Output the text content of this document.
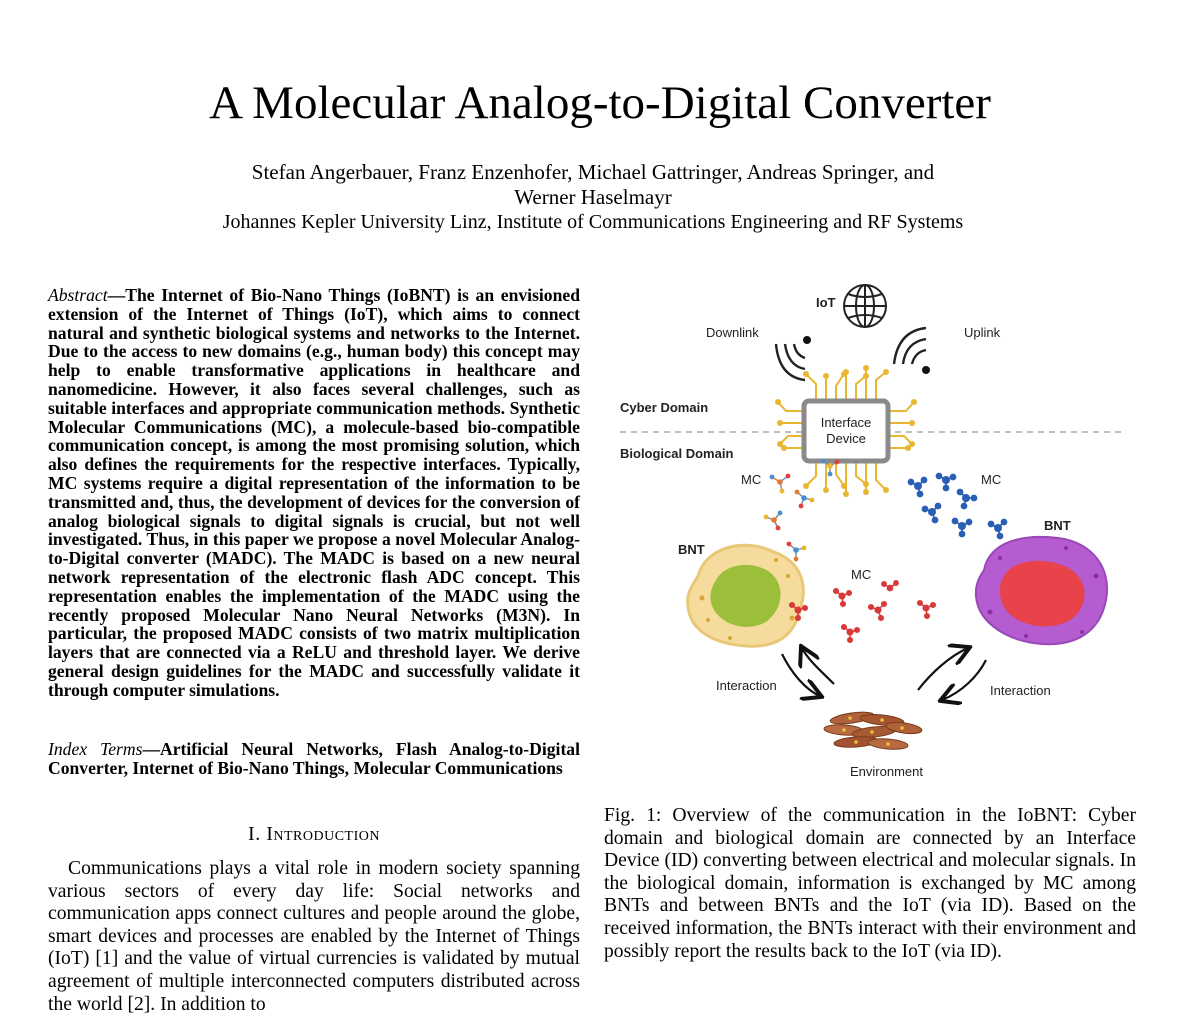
A Molecular Analog-to-Digital Converter
Stefan Angerbauer, Franz Enzenhofer, Michael Gattringer, Andreas Springer, and
Werner Haselmayr
Johannes Kepler University Linz, Institute of Communications Engineering and RF Systems
Abstract—The Internet of Bio-Nano Things (IoBNT) is an envisioned extension of the Internet of Things (IoT), which aims to connect natural and synthetic biological systems and networks to the Internet. Due to the access to new domains (e.g., human body) this concept may help to enable transformative applications in healthcare and nanomedicine. However, it also faces several challenges, such as suitable interfaces and appropriate communication methods. Synthetic Molecular Communications (MC), a molecule-based bio-compatible communication concept, is among the most promising solution, which also defines the requirements for the respective interfaces. Typically, MC systems require a digital representation of the information to be transmitted and, thus, the development of devices for the conversion of analog biological signals to digital signals is crucial, but not well investigated. Thus, in this paper we propose a novel Molecular Analog-to-Digital converter (MADC). The MADC is based on a new neural network representation of the electronic flash ADC concept. This representation enables the implementation of the MADC using the recently proposed Molecular Nano Neural Networks (M3N). In particular, the proposed MADC consists of two matrix multiplication layers that are connected via a ReLU and threshold layer. We derive general design guidelines for the MADC and successfully validate it through computer simulations.
Index Terms—Artificial Neural Networks, Flash Analog-to-Digital Converter, Internet of Bio-Nano Things, Molecular Communications
I. Introduction
Communications plays a vital role in modern society spanning various sectors of every day life: Social networks and communication apps connect cultures and people around the globe, smart devices and processes are enabled by the Internet of Things (IoT) [1] and the value of virtual currencies is validated by mutual agreement of multiple interconnected computers distributed across the world [2]. In addition to
IoT
Downlink	Uplink
Cyber Domain
Biological Domain
Interface
Device
MC	MC
MC
BNT
BNT
Interaction	Interaction
Environment
Fig. 1: Overview of the communication in the IoBNT: Cyber domain and biological domain are connected by an Interface Device (ID) converting between electrical and molecular signals. In the biological domain, information is exchanged by MC among BNTs and between BNTs and the IoT (via ID). Based on the received information, the BNTs interact with their environment and possibly report the results back to the IoT (via ID).
